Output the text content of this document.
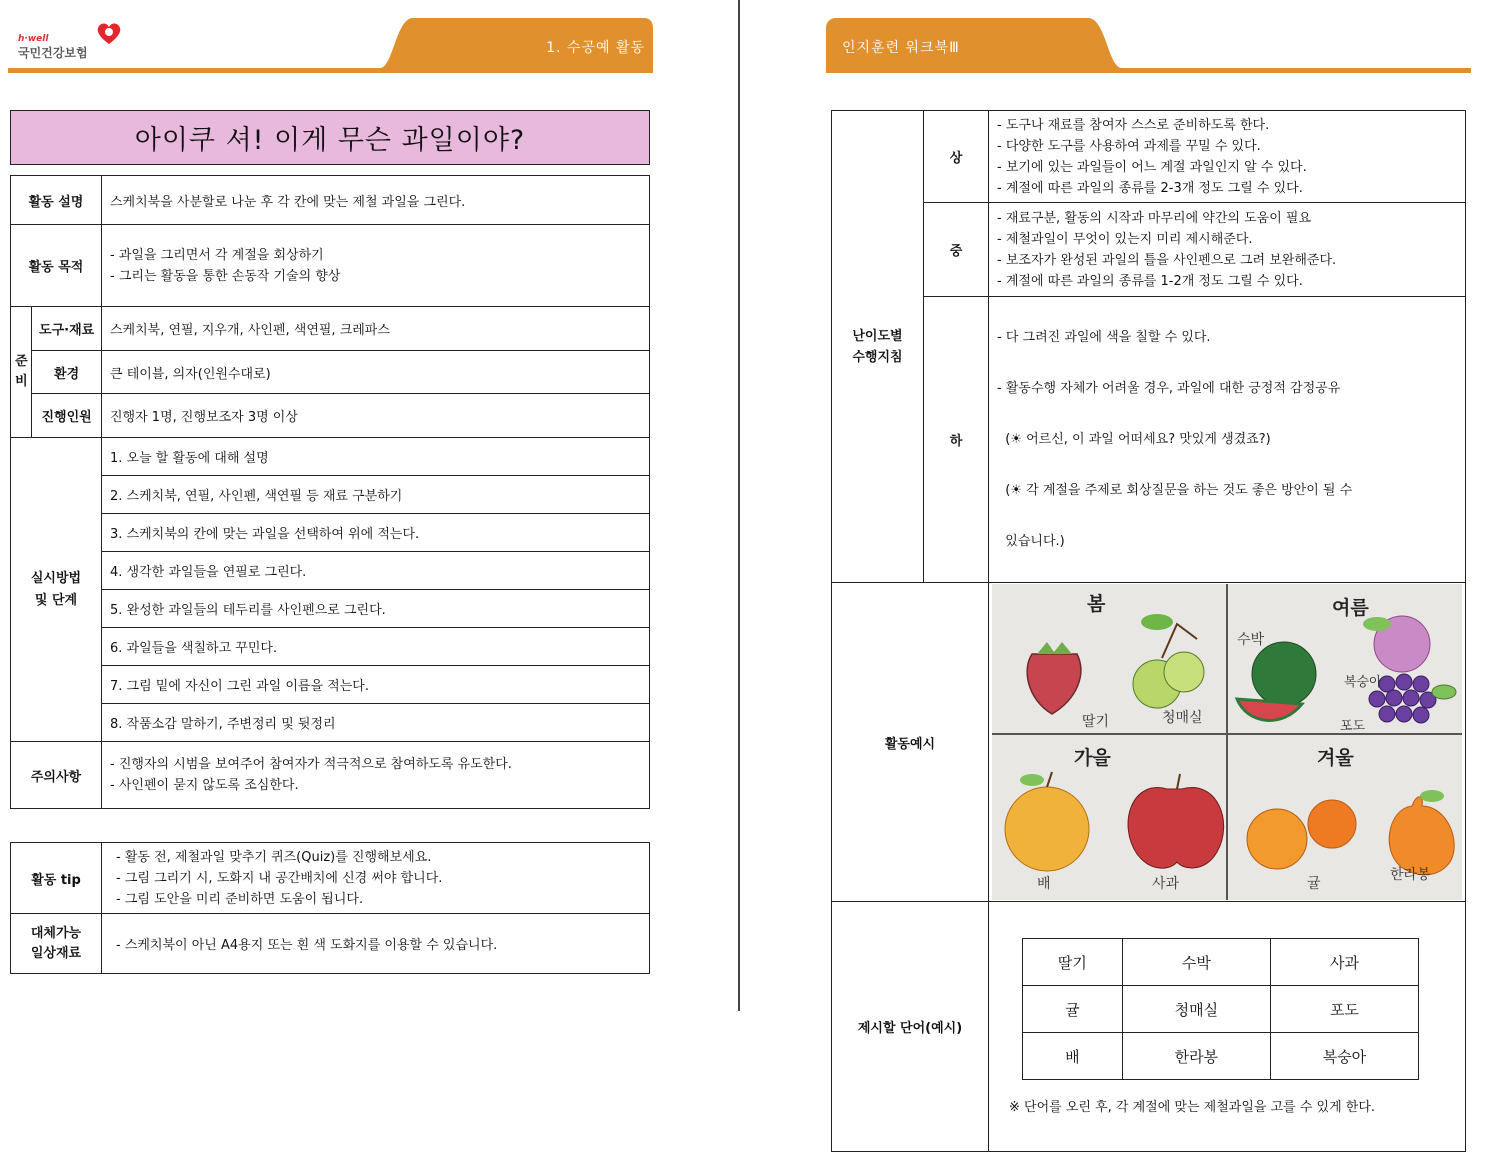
h·well
국민건강보험	1. 수공예 활동
아이쿠 셔! 이게 무슨 과일이야?
활동 설명		스케치북을 사분할로 나눈 후 각 칸에 맞는 제철 과일을 그린다.
활동 목적		- 과일을 그리면서 각 계절을 회상하기
- 그리는 활동을 통한 손동작 기술의 향상

준비	도구·재료	스케치북, 연필, 지우개, 사인펜, 색연필, 크레파스
	환경	큰 테이블, 의자(인원수대로)
	진행인원	진행자 1명, 진행보조자 3명 이상

실시방법
및 단계		1. 오늘 할 활동에 대해 설명
		2. 스케치북, 연필, 사인펜, 색연필 등 재료 구분하기
		3. 스케치북의 칸에 맞는 과일을 선택하여 위에 적는다.
		4. 생각한 과일들을 연필로 그린다.
		5. 완성한 과일들의 테두리를 사인펜으로 그린다.
		6. 과일들을 색칠하고 꾸민다.
		7. 그림 밑에 자신이 그린 과일 이름을 적는다.
		8. 작품소감 말하기, 주변정리 및 뒷정리
주의사항		- 진행자의 시범을 보여주어 참여자가 적극적으로 참여하도록 유도한다.
- 사인펜이 묻지 않도록 조심한다.
활동 tip	- 활동 전, 제철과일 맞추기 퀴즈(Quiz)를 진행해보세요.
- 그림 그리기 시, 도화지 내 공간배치에 신경 써야 합니다.
- 그림 도안을 미리 준비하면 도움이 됩니다.

대체가능
일상재료	- 스케치북이 아닌 A4용지 또는 흰 색 도화지를 이용할 수 있습니다.
인지훈련 워크북Ⅲ
난이도별
수행지침
	상	
- 도구나 재료를 참여자 스스로 준비하도록 한다.
- 다양한 도구를 사용하여 과제를 꾸밀 수 있다.
- 보기에 있는 과일들이 어느 계절 과일인지 알 수 있다.
- 계절에 따른 과일의 종류를 2-3개 정도 그릴 수 있다.

중	
- 재료구분, 활동의 시작과 마무리에 약간의 도움이 필요
- 제철과일이 무엇이 있는지 미리 제시해준다.
- 보조자가 완성된 과일의 틀을 사인펜으로 그려 보완해준다.
- 계절에 따른 과일의 종류를 1-2개 정도 그릴 수 있다.

하	

- 다 그려진 과일에 색을 칠할 수 있다.

- 활동수행 자체가 어려울 경우, 과일에 대한 긍정적 감정공유

(☀ 어르신, 이 과일 어떠세요? 맛있게 생겼죠?)

(☀ 각 계절을 주제로 회상질문을 하는 것도 좋은 방안이 될 수

있습니다.)

활동예시	
봄	여름
가을	겨울
딸기	청매실
수박
복숭아
포도
배	사과	귤
한라봉

제시할 단어(예시)	
딸기	수박	사과
귤	청매실	포도
배	한라봉	복숭아
※ 단어를 오린 후, 각 계절에 맞는 제철과일을 고를 수 있게 한다.
